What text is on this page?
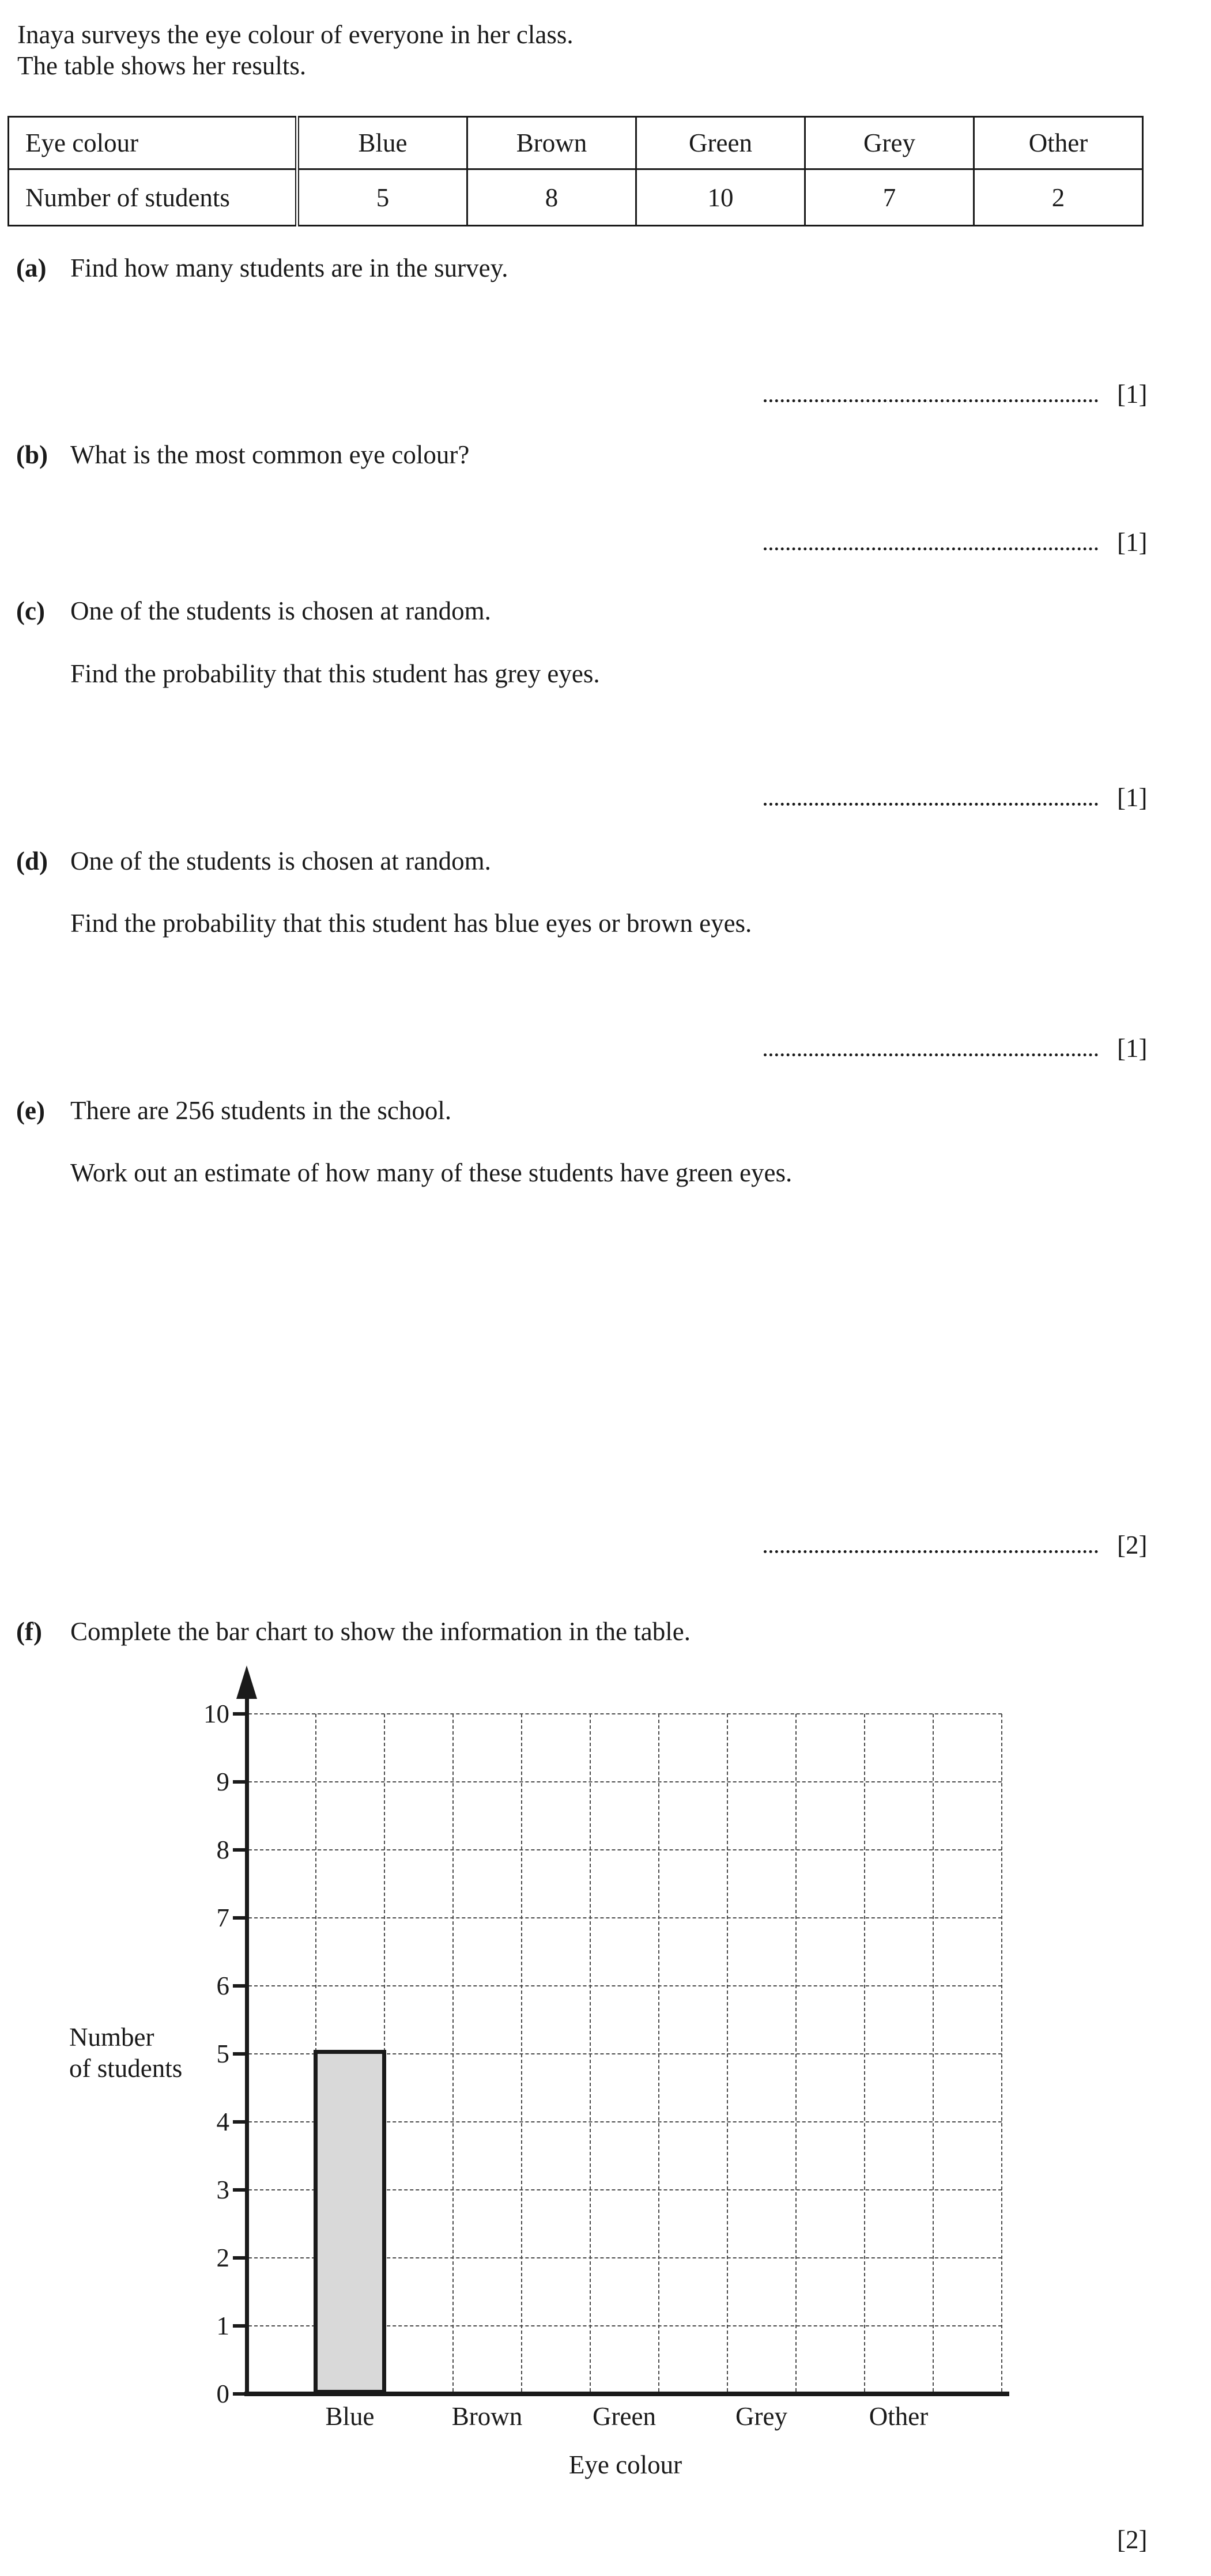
Inaya surveys the eye colour of everyone in her class.
The table shows her results.
Eye colour	Blue	Brown	Green	Grey	Other
Number of students	5	8	10	7	2
(a) Find how many students are in the survey.
[1]
(b) What is the most common eye colour?
[1]
(c) One of the students is chosen at random.
Find the probability that this student has grey eyes.
[1]
(d) One of the students is chosen at random.
Find the probability that this student has blue eyes or brown eyes.
[1]
(e) There are 256 students in the school.
Work out an estimate of how many of these students have green eyes.
[2]
(f) Complete the bar chart to show the information in the table.
Number
of students
Eye colour
0
1
2
3
4
5
6
7
8
9
10
Blue	Brown	Green	Grey	Other
[2]
